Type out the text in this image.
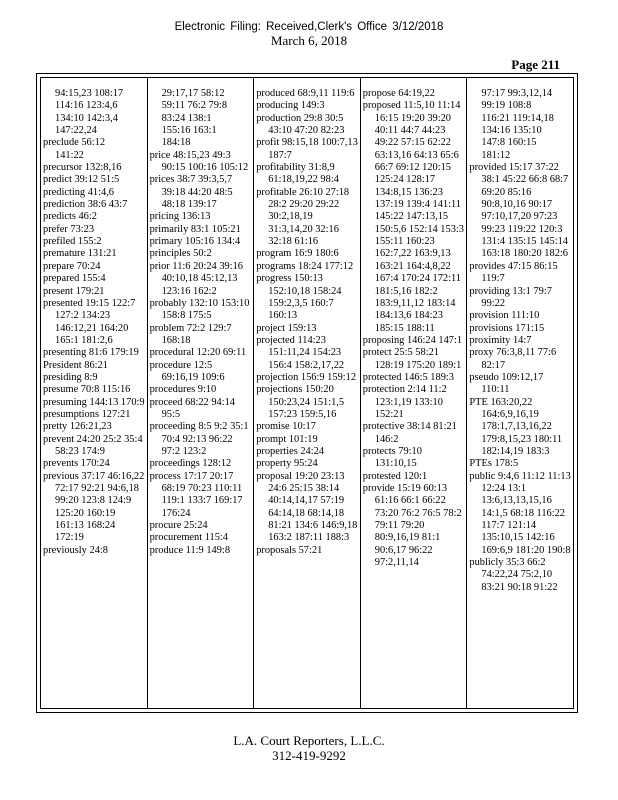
Electronic Filing: Received,Clerk's Office 3/12/2018
March 6, 2018
Page 211

94:15,23 108:17

114:16 123:4,6

134:10 142:3,4

147:22,24

preclude 56:12

141:22

precursor 132:8,16

predict 39:12 51:5

predicting 41:4,6

prediction 38:6 43:7

predicts 46:2

prefer 73:23

prefiled 155:2

premature 131:21

prepare 70:24

prepared 155:4

present 179:21

presented 19:15 122:7 127:2 134:23 146:12,21 164:20 165:1 181:2,6

presenting 81:6 179:19

President 86:21

presiding 8:9

presume 70:8 115:16

presuming 144:13 170:9

presumptions 127:21

pretty 126:21,23

prevent 24:20 25:2 35:4 58:23 174:9

prevents 170:24

previous 37:17 46:16,22 72:17 92:21 94:6,18 99:20 123:8 124:9 125:20 160:19 161:13 168:24 172:19

previously 24:8

29:17,17 58:12

59:11 76:2 79:8

83:24 138:1

155:16 163:1

184:18

price 48:15,23 49:3 90:15 100:16 105:12

prices 38:7 39:3,5,7 39:18 44:20 48:5 48:18 139:17

pricing 136:13

primarily 83:1 105:21

primary 105:16 134:4

principles 50:2

prior 11:6 20:24 39:16 40:10,18 45:12,13 123:16 162:2

probably 132:10 153:10 158:8 175:5

problem 72:2 129:7 168:18

procedural 12:20 69:11

procedure 12:5 69:16,19 109:6

procedures 9:10

proceed 68:22 94:14 95:5

proceeding 8:5 9:2 35:1 70:4 92:13 96:22 97:2 123:2

proceedings 128:12

process 17:17 20:17 68:19 70:23 110:11 119:1 133:7 169:17 176:24

procure 25:24

procurement 115:4

produce 11:9 149:8

produced 68:9,11 119:6

producing 149:3

production 29:8 30:5 43:10 47:20 82:23

profit 98:15,18 100:7,13 187:7

profitability 31:8,9 61:18,19,22 98:4

profitable 26:10 27:18 28:2 29:20 29:22 30:2,18,19 31:3,14,20 32:16 32:18 61:16

program 16:9 180:6

programs 18:24 177:12

progress 150:13 152:10,18 158:24 159:2,3,5 160:7 160:13

project 159:13

projected 114:23 151:11,24 154:23 156:4 158:2,17,22

projection 156:9 159:12

projections 150:20 150:23,24 151:1,5 157:23 159:5,16

promise 10:17

prompt 101:19

properties 24:24

property 95:24

proposal 19:20 23:13 24:6 25:15 38:14 40:14,14,17 57:19 64:14,18 68:14,18 81:21 134:6 146:9,18 163:2 187:11 188:3

proposals 57:21

propose 64:19,22

proposed 11:5,10 11:14 16:15 19:20 39:20 40:11 44:7 44:23 49:22 57:15 62:22 63:13,16 64:13 65:6 66:7 69:12 120:15 125:24 128:17 134:8,15 136:23 137:19 139:4 141:11 145:22 147:13,15 150:5,6 152:14 153:3 155:11 160:23 162:7,22 163:9,13 163:21 164:4,8,22 167:4 170:24 172:11 181:5,16 182:2 183:9,11,12 183:14 184:13,6 184:23 185:15 188:11

proposing 146:24 147:1

protect 25:5 58:21 128:19 175:20 189:1

protected 146:5 189:3

protection 2:14 11:2 123:1,19 133:10 152:21

protective 38:14 81:21 146:2

protects 79:10 131:10,15

protested 120:1

provide 15:19 60:13 61:16 66:1 66:22 73:20 76:2 76:5 78:2 79:11 79:20 80:9,16,19 81:1 90:6,17 96:22 97:2,11,14

97:17 99:3,12,14

99:19 108:8

116:21 119:14,18

134:16 135:10

147:8 160:15

181:12

provided 15:17 37:22 38:1 45:22 66:8 68:7 69:20 85:16 90:8,10,16 90:17 97:10,17,20 97:23 99:23 119:22 120:3 131:4 135:15 145:14 163:18 180:20 182:6

provides 47:15 86:15 119:7

providing 13:1 79:7 99:22

provision 111:10

provisions 171:15

proximity 14:7

proxy 76:3,8,11 77:6 82:17

pseudo 109:12,17 110:11

PTE 163:20,22 164:6,9,16,19 178:1,7,13,16,22 179:8,15,23 180:11 182:14,19 183:3

PTEs 178:5

public 9:4,6 11:12 11:13 12:24 13:1 13:6,13,13,15,16 14:1,5 68:18 116:22 117:7 121:14 135:10,15 142:16 169:6,9 181:20 190:8

publicly 35:3 66:2 74:22,24 75:2,10 83:21 90:18 91:22

L.A. Court Reporters, L.L.C.
312-419-9292
